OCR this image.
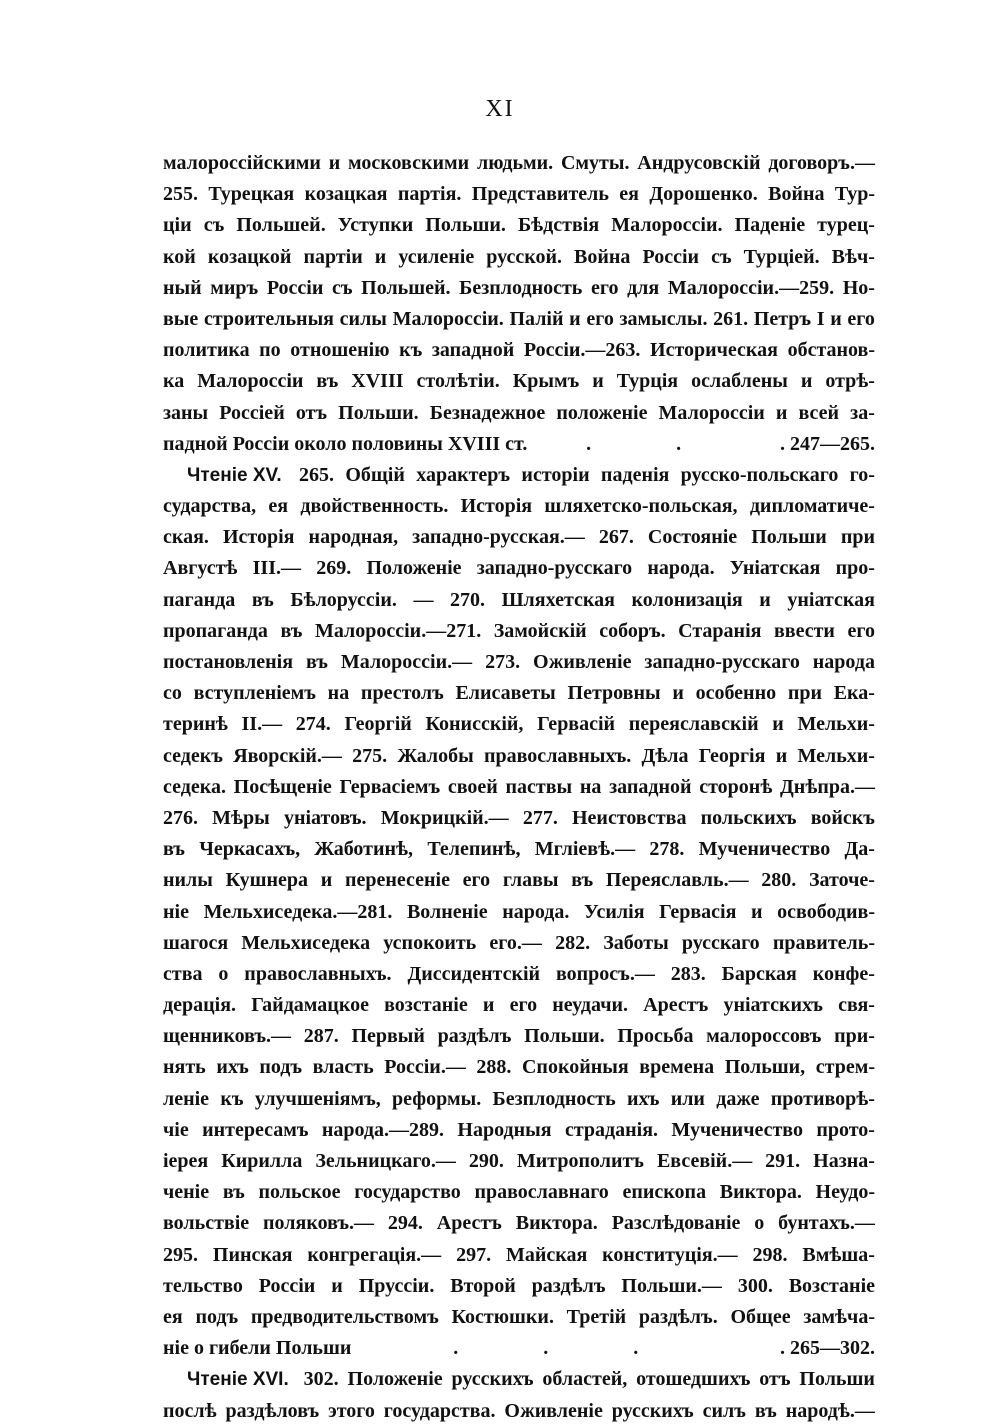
XI
малороссійскими и московскими людьми. Смуты. Андрусовскій договоръ.—
255. Турецкая козацкая партія. Представитель ея Дорошенко. Война Тур-
ціи съ Польшей. Уступки Польши. Бѣдствія Малороссіи. Паденіе турец-
кой козацкой партіи и усиленіе русской. Война Россіи съ Турціей. Вѣч-
ный миръ Россіи съ Польшей. Безплодность его для Малороссіи.—259. Но-
вые строительныя силы Малороссіи. Палій и его замыслы. 261. Петръ I и его
политика по отношенію къ западной Россіи.—263. Историческая обстанов-
ка Малороссіи въ XVIII столѣтіи. Крымъ и Турція ослаблены и отрѣ-
заны Россіей отъ Польши. Безнадежное положеніе Малороссіи и всей за-
падной Россіи около половины XVIII ст.	. .	. 247—265.
Чтеніе XV. 265. Общій характеръ исторіи паденія русско-польскаго го-
сударства, ея двойственность. Исторія шляхетско-польская, дипломатиче-
ская. Исторія народная, западно-русская.— 267. Состояніе Польши при
Августѣ III.— 269. Положеніе западно-русскаго народа. Уніатская про-
паганда въ Бѣлоруссіи. — 270. Шляхетская колонизація и уніатская
пропаганда въ Малороссіи.—271. Замойскій соборъ. Старанія ввести его
постановленія въ Малороссіи.— 273. Оживленіе западно-русскаго народа
со вступленіемъ на престолъ Елисаветы Петровны и особенно при Ека-
теринѣ II.— 274. Георгій Конисскій, Гервасій переяславскій и Мельхи-
седекъ Яворскій.— 275. Жалобы православныхъ. Дѣла Георгія и Мельхи-
седека. Посѣщеніе Гервасіемъ своей паствы на западной сторонѣ Днѣпра.—
276. Мѣры уніатовъ. Мокрицкій.— 277. Неистовства польскихъ войскъ
въ Черкасахъ, Жаботинѣ, Телепинѣ, Мглiевѣ.— 278. Мученичество Да-
нилы Кушнера и перенесеніе его главы въ Переяславль.— 280. Заточе-
ніе Мельхиседека.—281. Волненіе народа. Усилія Гервасія и освободив-
шагося Мельхиседека успокоить его.— 282. Заботы русскаго правитель-
ства о православныхъ. Диссидентскій вопросъ.— 283. Барская конфе-
дерація. Гайдамацкое возстаніе и его неудачи. Арестъ уніатскихъ свя-
щенниковъ.— 287. Первый раздѣлъ Польши. Просьба малороссовъ при-
нять ихъ подъ власть Россіи.— 288. Спокойныя времена Польши, стрем-
леніе къ улучшеніямъ, реформы. Безплодность ихъ или даже противорѣ-
чіе интересамъ народа.—289. Народныя страданія. Мученичество прото-
іерея Кирилла Зельницкаго.— 290. Митрополитъ Евсевій.— 291. Назна-
ченіе въ польское государство православнаго епископа Виктора. Неудо-
вольствіе поляковъ.— 294. Арестъ Виктора. Разслѣдованіе о бунтахъ.—
295. Пинская конгрегація.— 297. Майская конституція.— 298. Вмѣша-
тельство Россіи и Пруссіи. Второй раздѣлъ Польши.— 300. Возстаніе
ея подъ предводительствомъ Костюшки. Третій раздѣлъ. Общее замѣча-
ніе о гибели Польши	. . .	. 265—302.
Чтеніе XVI. 302. Положеніе русскихъ областей, отошедшихъ отъ Польши
послѣ раздѣловъ этого государства. Оживленіе русскихъ силъ въ народѣ.—
